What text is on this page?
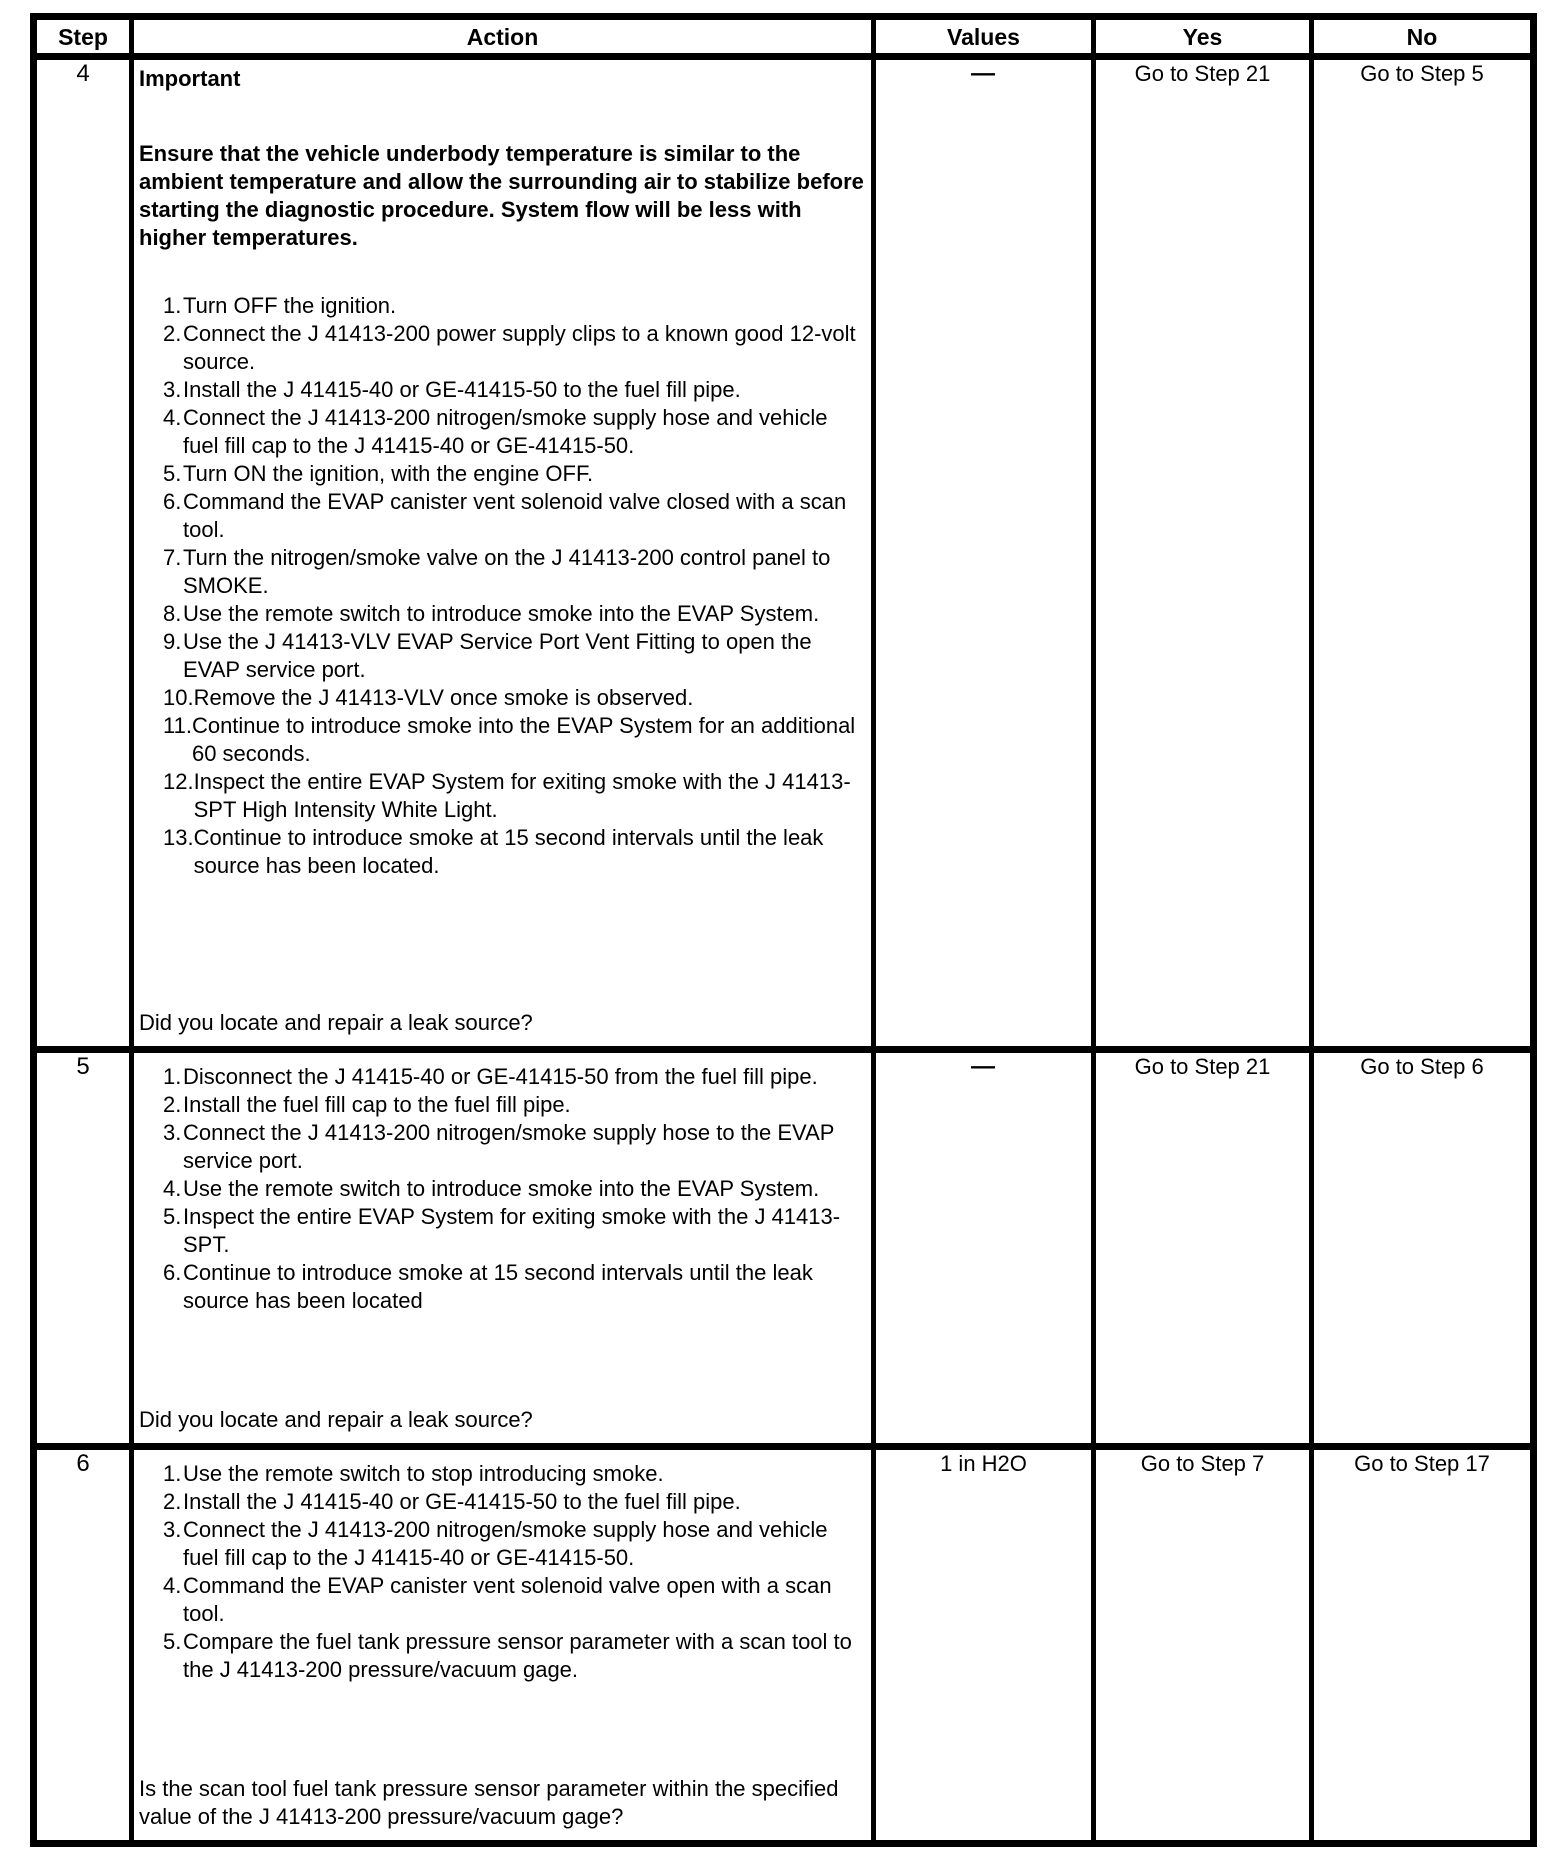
Step	Action	Values	Yes	No
4	Important
Ensure that the vehicle underbody temperature is similar to the ambient temperature and allow the surrounding air to stabilize before starting the diagnostic procedure. System flow will be less with higher temperatures.
1. Turn OFF the ignition.
2. Connect the J 41413-200 power supply clips to a known good 12-volt source.
3. Install the J 41415-40 or GE-41415-50 to the fuel fill pipe.
4. Connect the J 41413-200 nitrogen/smoke supply hose and vehicle fuel fill cap to the J 41415-40 or GE-41415-50.
5. Turn ON the ignition, with the engine OFF.
6. Command the EVAP canister vent solenoid valve closed with a scan tool.
7. Turn the nitrogen/smoke valve on the J 41413-200 control panel to SMOKE.
8. Use the remote switch to introduce smoke into the EVAP System.
9. Use the J 41413-VLV EVAP Service Port Vent Fitting to open the EVAP service port.
10. Remove the J 41413-VLV once smoke is observed.
11. Continue to introduce smoke into the EVAP System for an additional 60 seconds.
12. Inspect the entire EVAP System for exiting smoke with the J 41413-SPT High Intensity White Light.
13. Continue to introduce smoke at 15 second intervals until the leak source has been located.
Did you locate and repair a leak source?
	—	Go to Step 21	Go to Step 5

5	1. Disconnect the J 41415-40 or GE-41415-50 from the fuel fill pipe.
2. Install the fuel fill cap to the fuel fill pipe.
3. Connect the J 41413-200 nitrogen/smoke supply hose to the EVAP service port.
4. Use the remote switch to introduce smoke into the EVAP System.
5. Inspect the entire EVAP System for exiting smoke with the J 41413-SPT.
6. Continue to introduce smoke at 15 second intervals until the leak source has been located
Did you locate and repair a leak source?
	—	Go to Step 21	Go to Step 6

6	1. Use the remote switch to stop introducing smoke.
2. Install the J 41415-40 or GE-41415-50 to the fuel fill pipe.
3. Connect the J 41413-200 nitrogen/smoke supply hose and vehicle fuel fill cap to the J 41415-40 or GE-41415-50.
4. Command the EVAP canister vent solenoid valve open with a scan tool.
5. Compare the fuel tank pressure sensor parameter with a scan tool to the J 41413-200 pressure/vacuum gage.
Is the scan tool fuel tank pressure sensor parameter within the specified value of the J 41413-200 pressure/vacuum gage?
	1 in H2O	Go to Step 7	Go to Step 17
